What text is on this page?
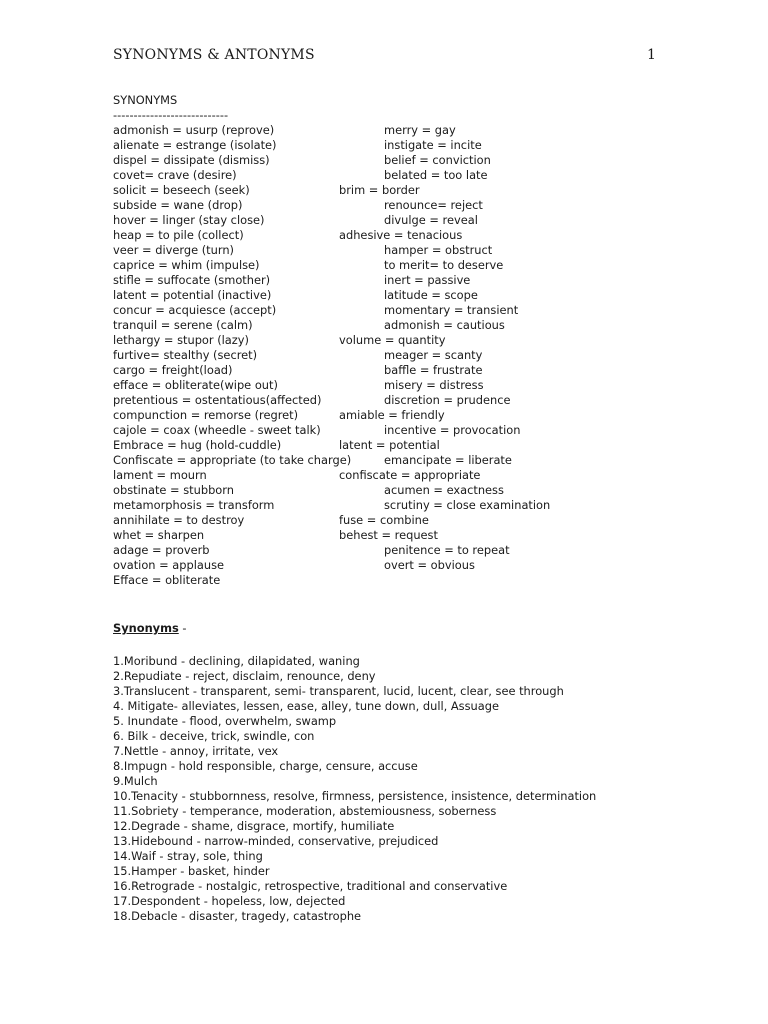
SYNONYMS & ANTONYMS	1
SYNONYMS
----------------------------
admonish = usurp (reprove)	merry = gay
alienate = estrange (isolate)	instigate = incite
dispel = dissipate (dismiss)	belief = conviction
covet= crave (desire)	belated = too late
solicit = beseech (seek)	brim = border
subside = wane (drop)	renounce= reject
hover = linger (stay close)	divulge = reveal
heap = to pile (collect)	adhesive = tenacious
veer = diverge (turn)	hamper = obstruct
caprice = whim (impulse)	to merit= to deserve
stifle = suffocate (smother)	inert = passive
latent = potential (inactive)	latitude = scope
concur = acquiesce (accept)	momentary = transient
tranquil = serene (calm)	admonish = cautious
lethargy = stupor (lazy)	volume = quantity
furtive= stealthy (secret)	meager = scanty
cargo = freight(load)	baffle = frustrate
efface = obliterate(wipe out)	misery = distress
pretentious = ostentatious(affected)	discretion = prudence
compunction = remorse (regret)	amiable = friendly
cajole = coax (wheedle - sweet talk)	incentive = provocation
Embrace = hug (hold-cuddle)	latent = potential
Confiscate = appropriate (to take charge)	emancipate = liberate
lament = mourn	confiscate = appropriate
obstinate = stubborn	acumen = exactness
metamorphosis = transform	scrutiny = close examination
annihilate = to destroy	fuse = combine
whet = sharpen	behest = request
adage = proverb	penitence = to repeat
ovation = applause	overt = obvious
Efface = obliterate
Synonyms -
1.Moribund - declining, dilapidated, waning
2.Repudiate - reject, disclaim, renounce, deny
3.Translucent - transparent, semi- transparent, lucid, lucent, clear, see through
4. Mitigate- alleviates, lessen, ease, alley, tune down, dull, Assuage
5. Inundate - flood, overwhelm, swamp
6. Bilk - deceive, trick, swindle, con
7.Nettle - annoy, irritate, vex
8.Impugn - hold responsible, charge, censure, accuse
9.Mulch
10.Tenacity - stubbornness, resolve, firmness, persistence, insistence, determination
11.Sobriety - temperance, moderation, abstemiousness, soberness
12.Degrade - shame, disgrace, mortify, humiliate
13.Hidebound - narrow-minded, conservative, prejudiced
14.Waif - stray, sole, thing
15.Hamper - basket, hinder
16.Retrograde - nostalgic, retrospective, traditional and conservative
17.Despondent - hopeless, low, dejected
18.Debacle - disaster, tragedy, catastrophe
